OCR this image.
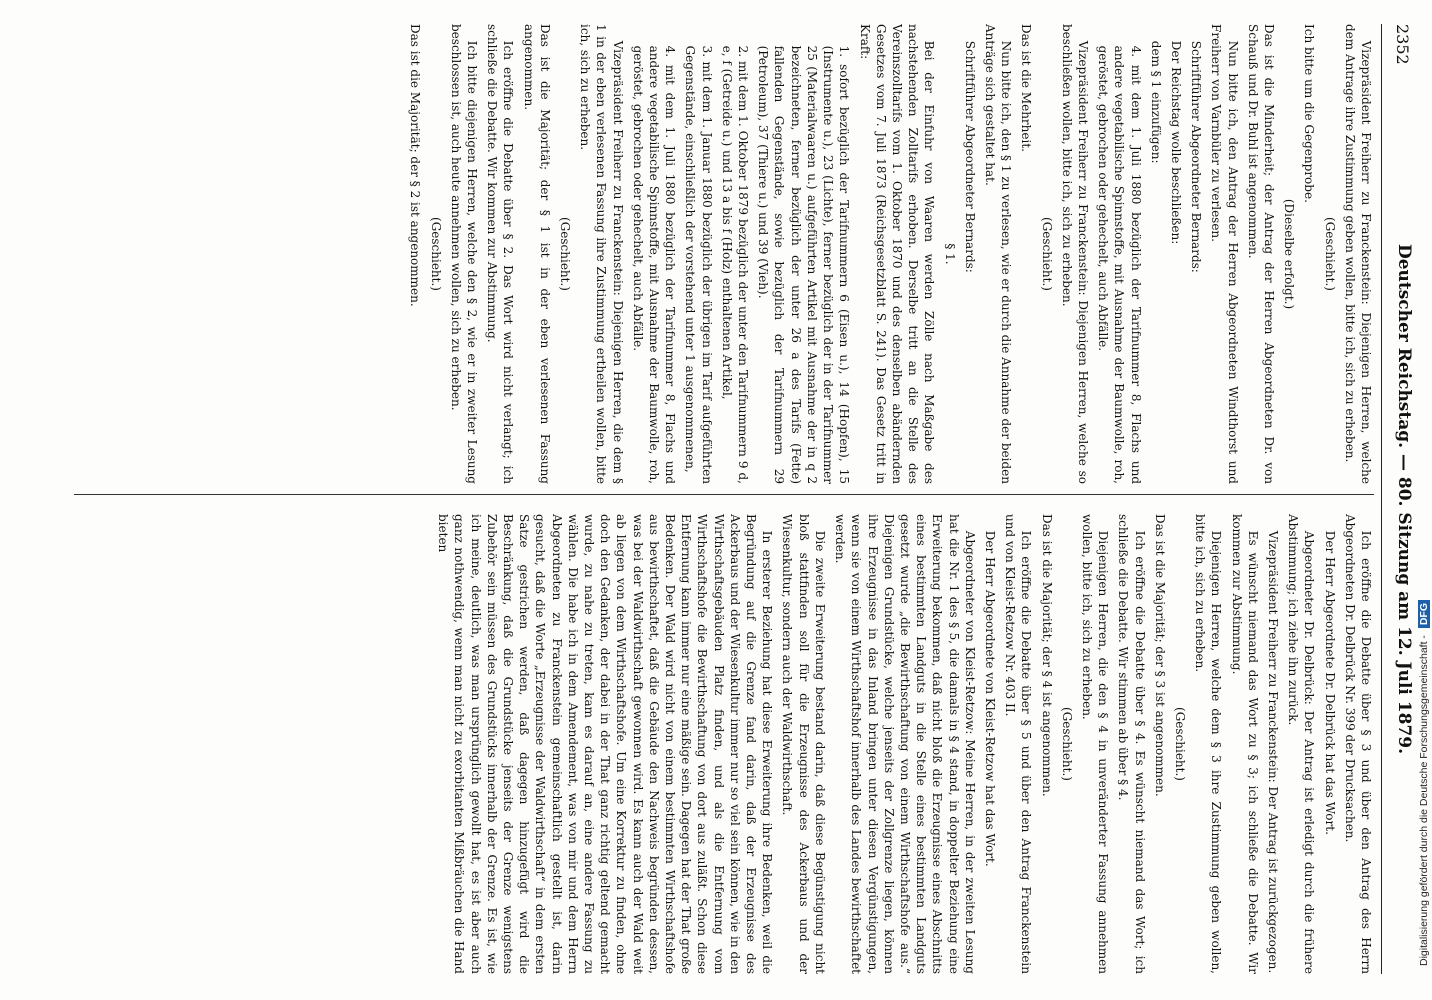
2352
Deutscher Reichstag. — 80. Sitzung am 12. Juli 1879.

Vizepräsident Freiherr zu Franckenstein: Diejenigen Herren, welche dem Antrage ihre Zustimmung geben wollen, bitte ich, sich zu erheben.

(Geschieht.)

Ich bitte um die Gegenprobe.

(Dieselbe erfolgt.)

Das ist die Minderheit; der Antrag der Herren Abgeordneten Dr. von Schauß und Dr. Buhl ist angenommen.

Nun bitte ich, den Antrag der Herren Abgeordneten Windthorst und Freiherr von Varnbüler zu verlesen.

Schriftführer Abgeordneter Bernards:

Der Reichstag wolle beschließen:

dem § 1 einzufügen:

4. mit dem 1. Juli 1880 bezüglich der Tarifnummer 8, Flachs und andere vegetabilische Spinnstoffe, mit Ausnahme der Baumwolle, roh, geröstet, gebrochen oder gehechelt, auch Abfälle.

Vizepräsident Freiherr zu Franckenstein: Diejenigen Herren, welche so beschließen wollen, bitte ich, sich zu erheben.

(Geschieht.)

Das ist die Mehrheit.

Nun bitte ich, den § 1 zu verlesen, wie er durch die Annahme der beiden Anträge sich gestaltet hat.

Schriftführer Abgeordneter Bernards:

§ 1.

Bei der Einfuhr von Waaren werden Zölle nach Maßgabe des nachstehenden Zolltarifs erhoben. Derselbe tritt an die Stelle des Vereinszolltarifs vom 1. Oktober 1870 und des denselben abändernden Gesetzes vom 7. Juli 1873 (Reichsgesetzblatt S. 241). Das Gesetz tritt in Kraft:

1. sofort bezüglich der Tarifnummern 6 (Eisen u.), 14 (Hopfen), 15 (Instrumente u.), 23 (Lichte), ferner bezüglich der in der Tarifnummer 25 (Materialwaaren u.) aufgeführten Artikel mit Ausnahme der in q 2 bezeichneten, ferner bezüglich der unter 26 a des Tarifs (Fette) fallenden Gegenstände, sowie bezüglich der Tarifnummern 29 (Petroleum), 37 (Thiere u.) und 39 (Vieh).

2. mit dem 1. Oktober 1879 bezüglich der unter den Tarifnummern 9 d, e, f (Getreide u.) und 13 a bis f (Holz) enthaltenen Artikel,

3. mit dem 1. Januar 1880 bezüglich der übrigen im Tarif aufgeführten Gegenstände, einschließlich der vorstehend unter 1 ausgenommenen,

4. mit dem 1. Juli 1880 bezüglich der Tarifnummer 8, Flachs und andere vegetabilische Spinnstoffe, mit Ausnahme der Baumwolle, roh, geröstet, gebrochen oder gehechelt, auch Abfälle.

Vizepräsident Freiherr zu Franckenstein: Diejenigen Herren, die dem § 1 in der eben verlesenen Fassung ihre Zustimmung ertheilen wollen, bitte ich, sich zu erheben.

(Geschieht.)

Das ist die Majorität; der § 1 ist in der eben verlesenen Fassung angenommen.

Ich eröffne die Debatte über § 2. Das Wort wird nicht verlangt; ich schließe die Debatte. Wir kommen zur Abstimmung.

Ich bitte diejenigen Herren, welche den § 2, wie er in zweiter Lesung beschlossen ist, auch heute annehmen wollen, sich zu erheben.

(Geschieht.)

Das ist die Majorität; der § 2 ist angenommen.

Ich eröffne die Debatte über § 3 und über den Antrag des Herrn Abgeordneten Dr. Delbrück Nr. 399 der Drucksachen.

Der Herr Abgeordnete Dr. Delbrück hat das Wort.

Abgeordneter Dr. Delbrück: Der Antrag ist erledigt durch die frühere Abstimmung; ich ziehe ihn zurück.

Vizepräsident Freiherr zu Franckenstein: Der Antrag ist zurückgezogen.

Es wünscht niemand das Wort zu § 3; ich schließe die Debatte. Wir kommen zur Abstimmung.

Diejenigen Herren, welche dem § 3 ihre Zustimmung geben wollen, bitte ich, sich zu erheben.

(Geschieht.)

Das ist die Majorität; der § 3 ist angenommen.

Ich eröffne die Debatte über § 4. Es wünscht niemand das Wort; ich schließe die Debatte. Wir stimmen ab über § 4.

Diejenigen Herren, die den § 4 in unveränderter Fassung annehmen wollen, bitte ich, sich zu erheben.

(Geschieht.)

Das ist die Majorität; der § 4 ist angenommen.

Ich eröffne die Debatte über § 5 und über den Antrag Franckenstein und von Kleist-Retzow Nr. 403 II.

Der Herr Abgeordnete von Kleist-Retzow hat das Wort.

Abgeordneter von Kleist-Retzow: Meine Herren, in der zweiten Lesung hat die Nr. 1 des § 5, die damals in § 4 stand, in doppelter Beziehung eine Erweiterung bekommen, daß nicht bloß die Erzeugnisse eines Abschnitts eines bestimmten Landguts in die Stelle eines bestimmten Landguts gesetzt wurde „die Bewirthschaftung von einem Wirthschaftshofe aus.“ Diejenigen Grundstücke, welche jenseits der Zollgrenze liegen, können ihre Erzeugnisse in das Inland bringen unter diesen Vergünstigungen, wenn sie von einem Wirthschaftshof innerhalb des Landes bewirthschaftet werden.

Die zweite Erweiterung bestand darin, daß diese Begünstigung nicht bloß stattfinden soll für die Erzeugnisse des Ackerbaus und der Wiesenkultur, sondern auch der Waldwirthschaft.

In ersterer Beziehung hat diese Erweiterung ihre Bedenken, weil die Begründung auf die Grenze fand darin, daß der Erzeugnisse des Ackerbaus und der Wiesenkultur immer nur so viel sein können, wie in den Wirthschaftsgebäuden Platz finden, und als die Entfernung vom Wirthschaftshofe die Bewirthschaftung von dort aus zuläßt. Schon diese Entfernung kann immer nur eine mäßige sein. Dagegen hat der That große Bedenken. Der Wald wird nicht von einem bestimmten Wirthschaftshofe aus bewirthschaftet, daß die Gebäude den Nachweis begründen dessen, was bei der Waldwirthschaft gewonnen wird. Es kann auch der Wald weit ab liegen von dem Wirthschaftshofe. Um eine Korrektur zu finden, ohne doch den Gedanken, der dabei in der That ganz richtig geltend gemacht wurde, zu nahe zu treten, kam es darauf an, eine andere Fassung zu wählen. Die habe ich in dem Amendement, was von mir und dem Herrn Abgeordneten zu Franckenstein gemeinschaftlich gestellt ist, darin gesucht, daß die Worte „Erzeugnisse der Waldwirthschaft“ in dem ersten Satze gestrichen werden, daß dagegen hinzugefügt wird die Beschränkung, daß die Grundstücke jenseits der Grenze wenigstens Zubehör sein müssen des Grundstücks innerhalb der Grenze. Es ist, wie ich meine, deutlich, was man ursprünglich gewollt hat, es ist aber auch ganz nothwendig, wenn man nicht zu exorbitanten Mißbräuchen die Hand bieten

Digitalisierung gefördert durch die Deutsche Forschungsgemeinschaft - DFG
